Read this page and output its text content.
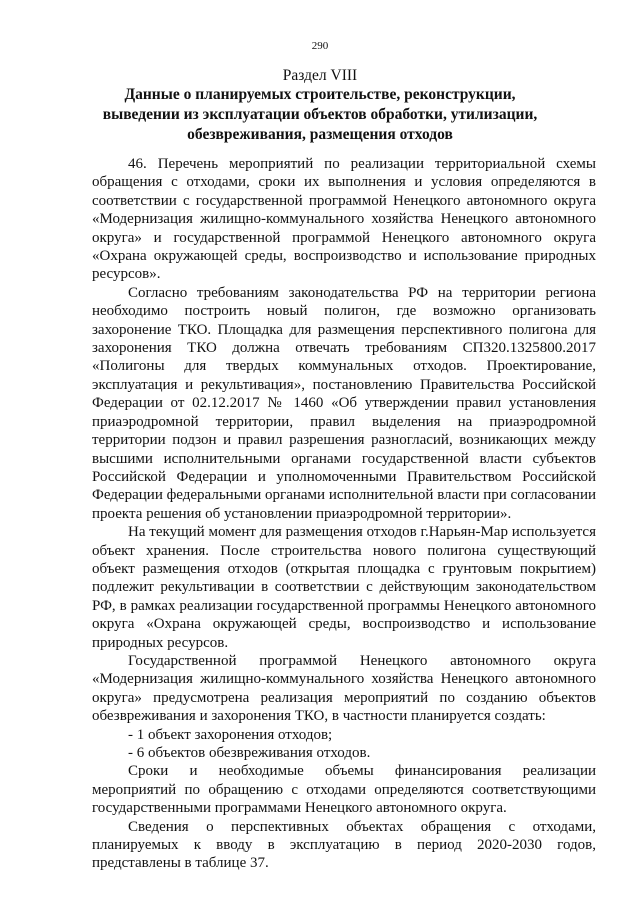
290
Раздел VIII
Данные о планируемых строительстве, реконструкции, выведении из эксплуатации объектов обработки, утилизации, обезвреживания, размещения отходов

46. Перечень мероприятий по реализации территориальной схемы обращения с отходами, сроки их выполнения и условия определяются в соответствии с государственной программой Ненецкого автономного округа «Модернизация жилищно-коммунального хозяйства Ненецкого автономного округа» и государственной программой Ненецкого автономного округа «Охрана окружающей среды, воспроизводство и использование природных ресурсов».

Согласно требованиям законодательства РФ на территории региона необходимо построить новый полигон, где возможно организовать захоронение ТКО. Площадка для размещения перспективного полигона для захоронения ТКО должна отвечать требованиям СП320.1325800.2017 «Полигоны для твердых коммунальных отходов. Проектирование, эксплуатация и рекультивация», постановлению Правительства Российской Федерации от 02.12.2017 № 1460 «Об утверждении правил установления приаэродромной территории, правил выделения на приаэродромной территории подзон и правил разрешения разногласий, возникающих между высшими исполнительными органами государственной власти субъектов Российской Федерации и уполномоченными Правительством Российской Федерации федеральными органами исполнительной власти при согласовании проекта решения об установлении приаэродромной территории».

На текущий момент для размещения отходов г.Нарьян-Мар используется объект хранения. После строительства нового полигона существующий объект размещения отходов (открытая площадка с грунтовым покрытием) подлежит рекультивации в соответствии с действующим законодательством РФ, в рамках реализации государственной программы Ненецкого автономного округа «Охрана окружающей среды, воспроизводство и использование природных ресурсов.

Государственной программой Ненецкого автономного округа «Модернизация жилищно-коммунального хозяйства Ненецкого автономного округа» предусмотрена реализация мероприятий по созданию объектов обезвреживания и захоронения ТКО, в частности планируется создать:

- 1 объект захоронения отходов;

- 6 объектов обезвреживания отходов.

Сроки и необходимые объемы финансирования реализации мероприятий по обращению с отходами определяются соответствующими государственными программами Ненецкого автономного округа.

Сведения о перспективных объектах обращения с отходами, планируемых к вводу в эксплуатацию в период 2020-2030 годов, представлены в таблице 37.
